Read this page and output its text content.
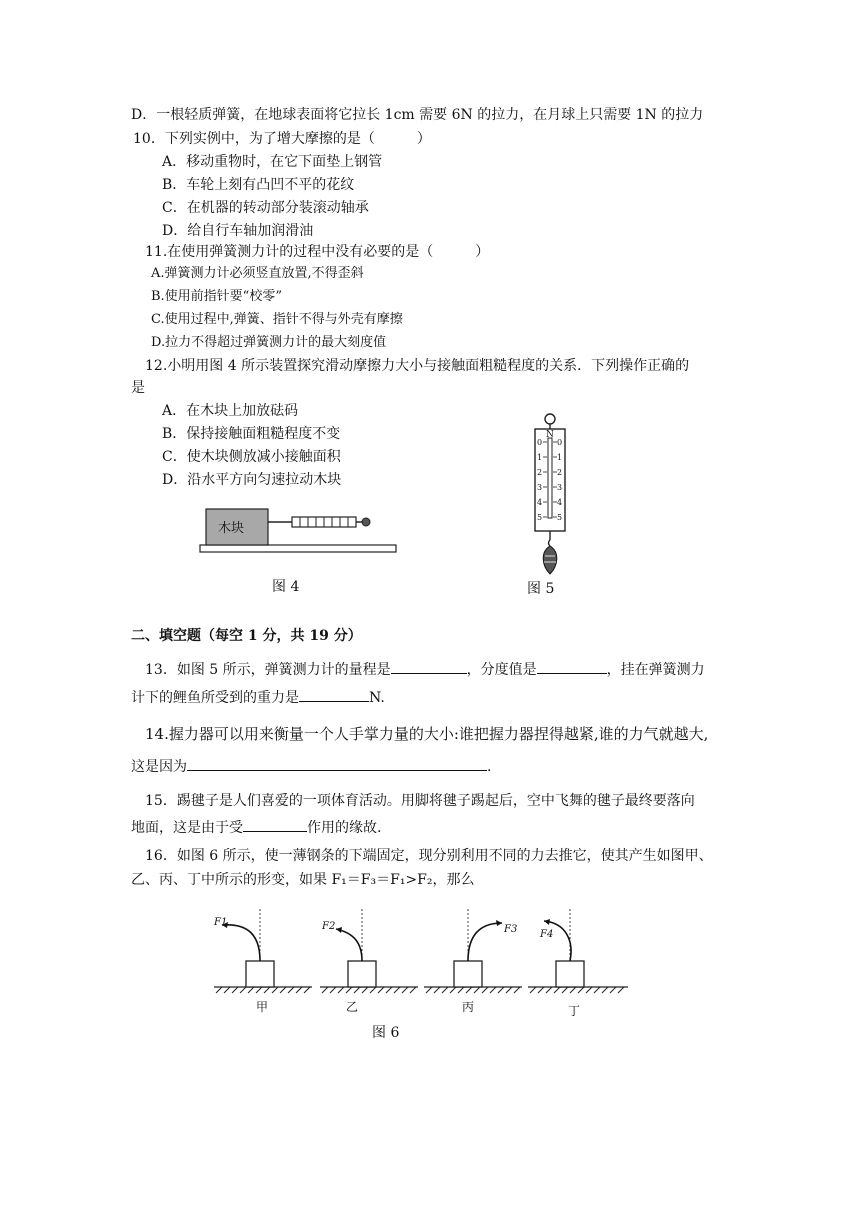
D．一根轻质弹簧，在地球表面将它拉长 1cm 需要 6N 的拉力，在月球上只需要 1N 的拉力
10．下列实例中，为了增大摩擦的是（　　　）
A．移动重物时，在它下面垫上钢管
B．车轮上刻有凸凹不平的花纹
C．在机器的转动部分装滚动轴承
D．给自行车轴加润滑油
11.在使用弹簧测力计的过程中没有必要的是（　　　）
A.弹簧测力计必须竖直放置,不得歪斜
B.使用前指针要“校零”
C.使用过程中,弹簧、指针不得与外壳有摩擦
D.拉力不得超过弹簧测力计的最大刻度值
12.小明用图 4 所示装置探究滑动摩擦力大小与接触面粗糙程度的关系．下列操作正确的
是
A．在木块上加放砝码
B．保持接触面粗糙程度不变
C．使木块侧放减小接触面积
D．沿水平方向匀速拉动木块
木块
图 4
N
0
1
2
3
4
5
0
1
2
3
4
5
图 5
二、填空题（每空 1 分，共 19 分）
13．如图 5 所示，弹簧测力计的量程是	，分度值是	，挂在弹簧测力
计下的鲤鱼所受到的重力是	N.
14.握力器可以用来衡量一个人手掌力量的大小:谁把握力器捏得越紧,谁的力气就越大,
这是因为	.
15．踢毽子是人们喜爱的一项体育活动。用脚将毽子踢起后，空中飞舞的毽子最终要落向
地面，这是由于受	作用的缘故.
16．如图 6 所示，使一薄钢条的下端固定，现分别利用不同的力去推它，使其产生如图甲、
乙、丙、丁中所示的形变，如果 F₁＝F₃＝F₁>F₂，那么
F1
甲
F2
乙
F3
丙
F4
丁
图 6
